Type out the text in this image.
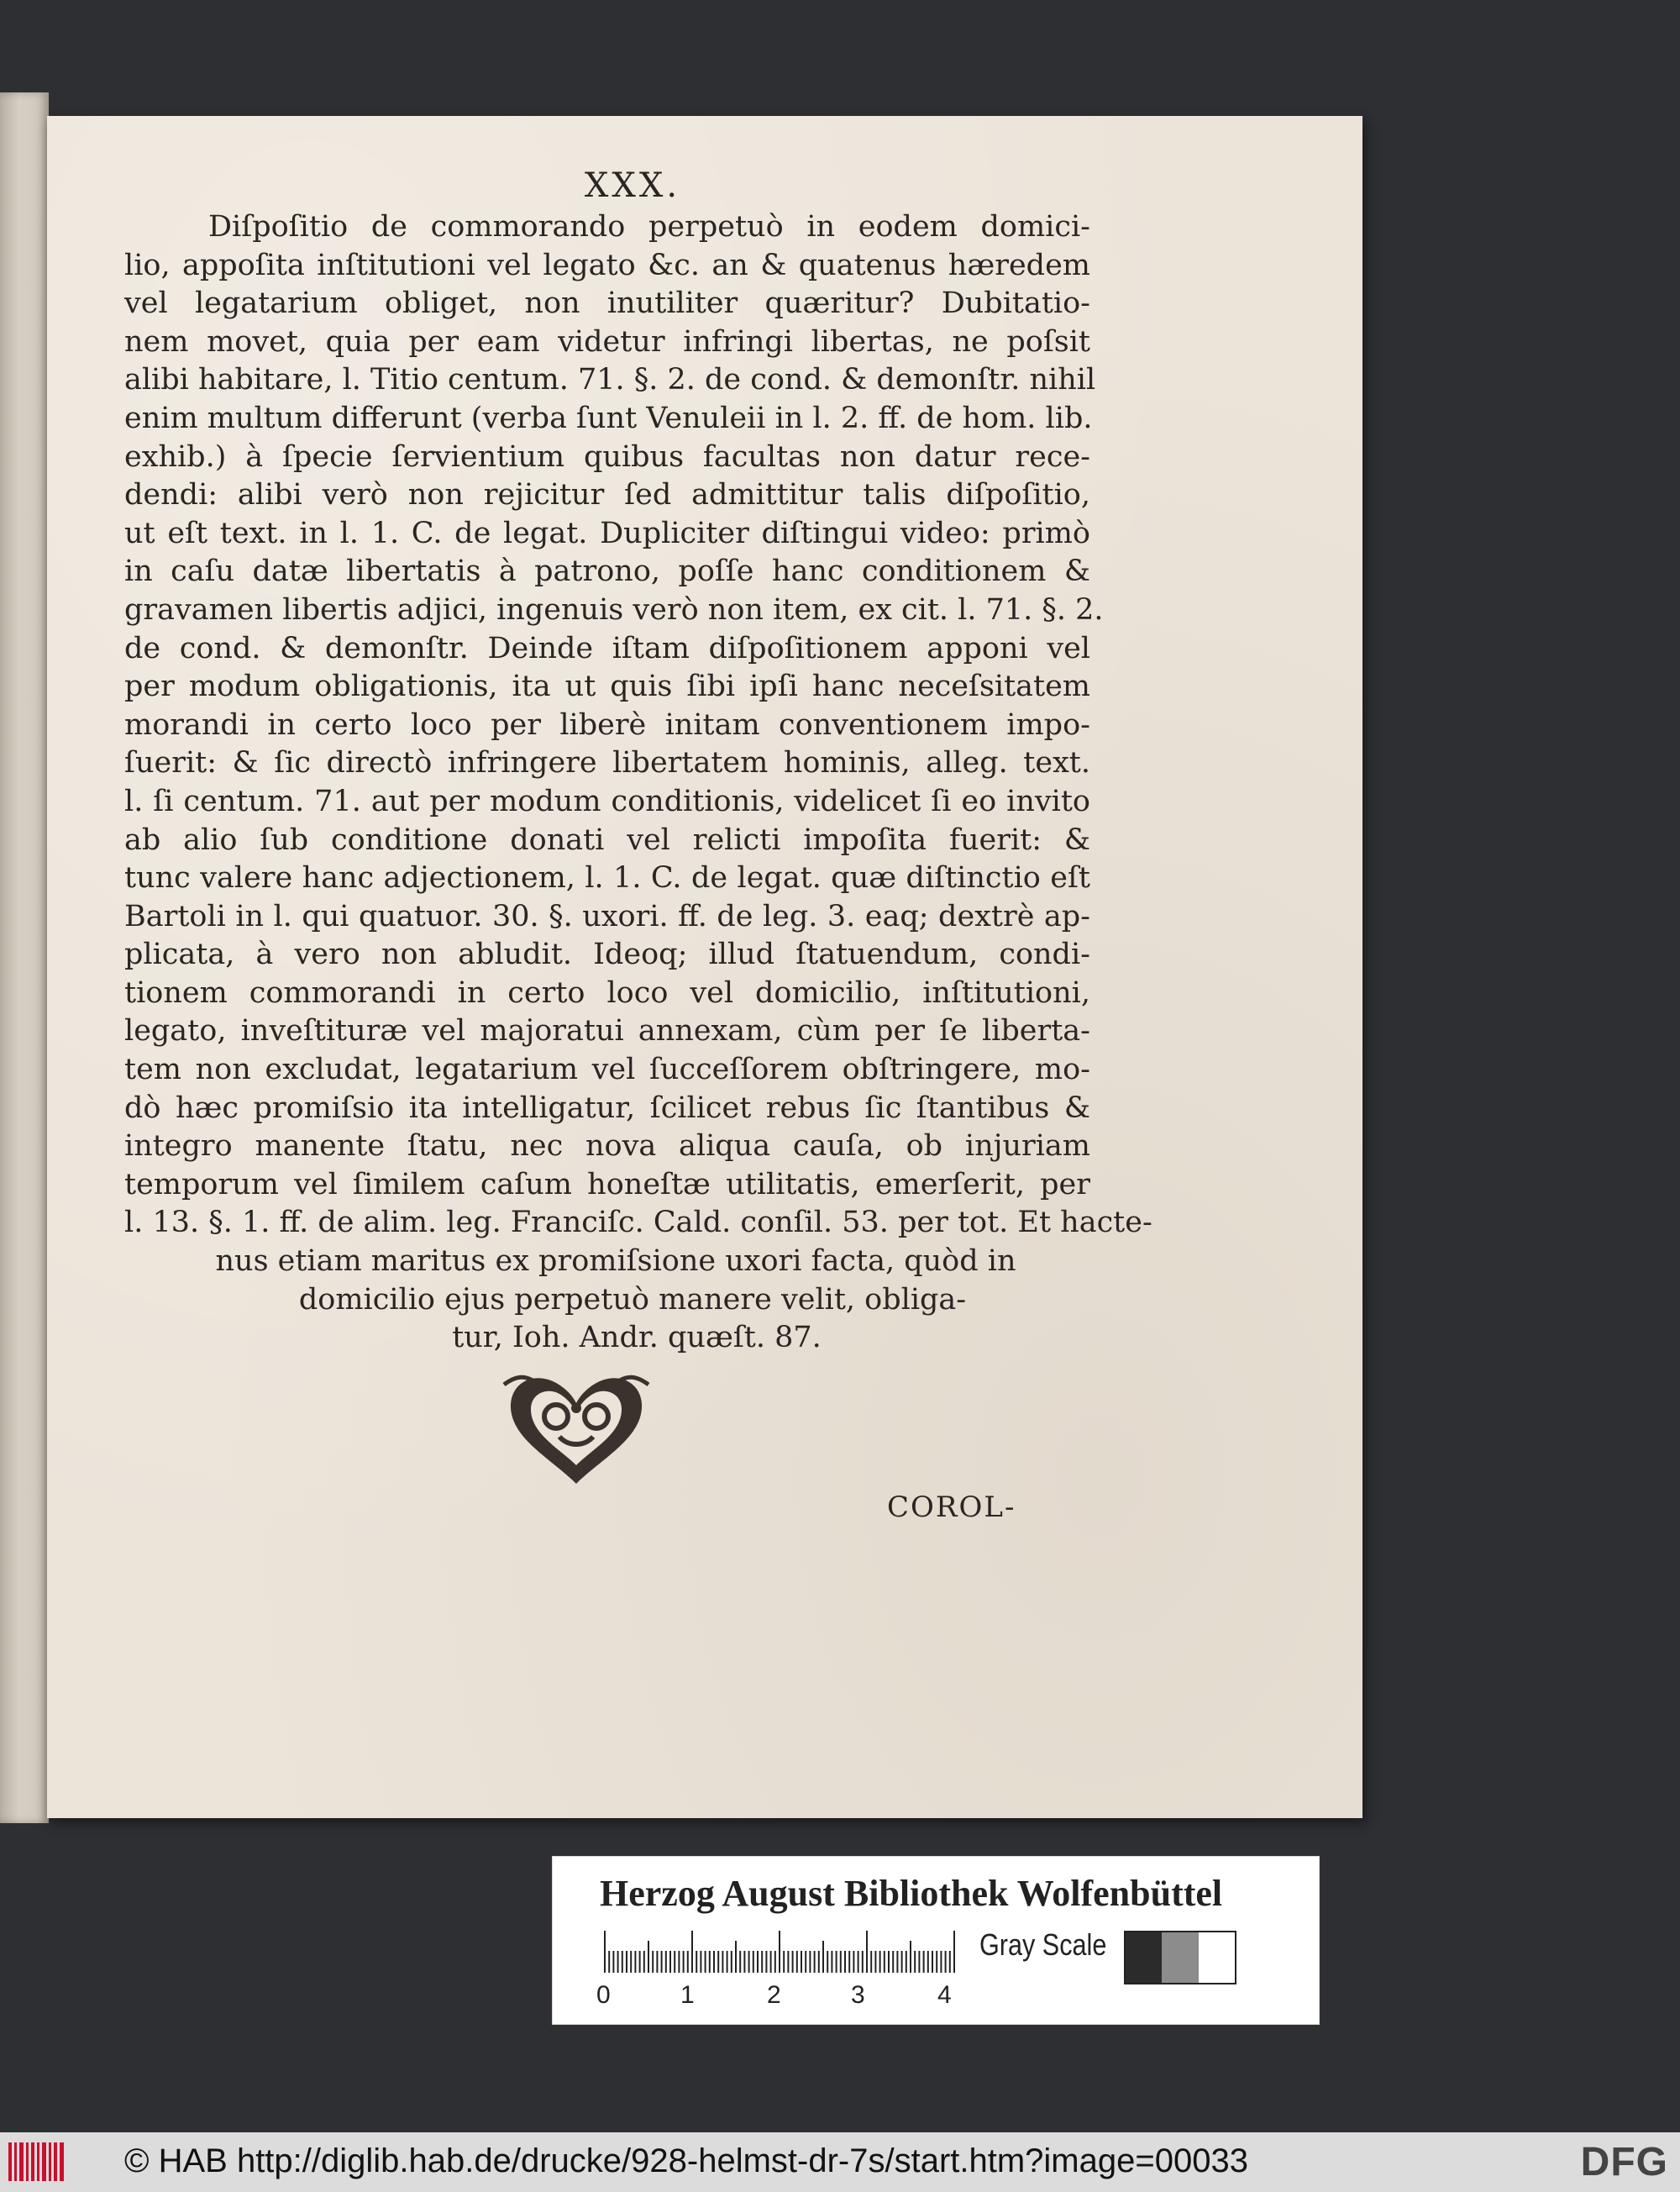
XXX.
Diſpoſitio de commorando perpetuò in eodem domici-
lio, appoſita inſtitutioni vel legato &c. an & quatenus hæredem
vel legatarium obliget, non inutiliter quæritur? Dubitatio-
nem movet, quia per eam videtur infringi libertas, ne poſsit
alibi habitare, l. Titio centum. 71. §. 2. de cond. & demonſtr. nihil
enim multum differunt (verba ſunt Venuleii in l. 2. ff. de hom. lib.
exhib.) à ſpecie ſervientium quibus facultas non datur rece-
dendi: alibi verò non rejicitur ſed admittitur talis diſpoſitio,
ut eſt text. in l. 1. C. de legat. Dupliciter diſtingui video: primò
in caſu datæ libertatis à patrono, poſſe hanc conditionem &
gravamen libertis adjici, ingenuis verò non item, ex cit. l. 71. §. 2.
de cond. & demonſtr. Deinde iſtam diſpoſitionem apponi vel
per modum obligationis, ita ut quis ſibi ipſi hanc neceſsitatem
morandi in certo loco per liberè initam conventionem impo-
ſuerit: & ſic directò infringere libertatem hominis, alleg. text.
l. ſi centum. 71. aut per modum conditionis, videlicet ſi eo invito
ab alio ſub conditione donati vel relicti impoſita fuerit: &
tunc valere hanc adjectionem, l. 1. C. de legat. quæ diſtinctio eſt
Bartoli in l. qui quatuor. 30. §. uxori. ff. de leg. 3. eaq; dextrè ap-
plicata, à vero non abludit. Ideoq; illud ſtatuendum, condi-
tionem commorandi in certo loco vel domicilio, inſtitutioni,
legato, inveſtituræ vel majoratui annexam, cùm per ſe liberta-
tem non excludat, legatarium vel ſucceſſorem obſtringere, mo-
dò hæc promiſsio ita intelligatur, ſcilicet rebus ſic ſtantibus &
integro manente ſtatu, nec nova aliqua cauſa, ob injuriam
temporum vel ſimilem caſum honeſtæ utilitatis, emerſerit, per
l. 13. §. 1. ff. de alim. leg. Franciſc. Cald. conſil. 53. per tot. Et hacte-
nus etiam maritus ex promiſsione uxori facta, quòd in
domicilio ejus perpetuò manere velit, obliga-
tur, Ioh. Andr. quæſt. 87.
COROL-
Herzog August Bibliothek Wolfenbüttel
0	1	2	3	4
Gray Scale
© HAB http://diglib.hab.de/drucke/928-helmst-dr-7s/start.htm?image=00033	DFG
